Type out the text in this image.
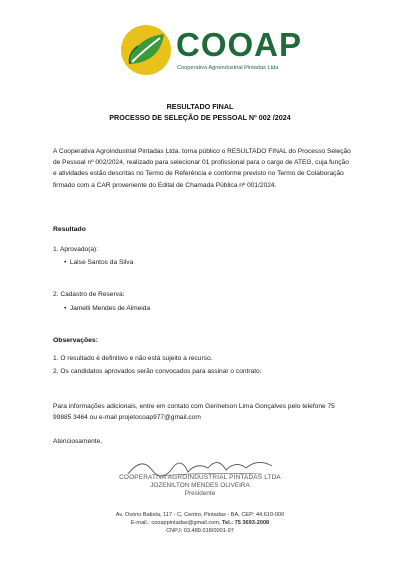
COOAP
Cooperativa Agroindustrial Pintadas Ltda
RESULTADO FINAL
PROCESSO DE SELEÇÃO DE PESSOAL Nº 002 /2024
A Cooperativa Agroindustrial Pintadas Ltda. torna público o RESULTADO FINAL do Processo Seleção de Pessoal nº 002/2024, realizado para selecionar 01 profissional para o cargo de ATEG, cuja função e atividades estão descritas no Termo de Referência e conforme previsto no Termo de Colaboração firmado com a CAR proveniente do Edital de Chamada Pública nº 001/2024.
Resultado
1. Aprovado(a):
• Laise Santos da Silva
2. Cadastro de Reserva:
• Jamelli Mendes de Almeida
Observações:
1. O resultado é definitivo e não está sujeito a recurso.
2. Os candidatos aprovados serão convocados para assinar o contrato.
Para informações adicionais, entre em contato com Gerinelson Lima Gonçalves pelo telefone 75 99885 3464 ou e-mail projetocoap977@gmail.com
Atenciosamente,
COOPERATIVA AGROINDUSTRIAL PINTADAS LTDA
JOZENILTON MENDES OLIVEIRA
Presidente
Av. Osório Batista, 117 - C, Centro, Pintadas - BA, CEP: 44.610-000
E-mail.: cooappintadas@gmail.com, Tel.: 75 3693-2008
CNPJ: 03.489.018/0001-97
